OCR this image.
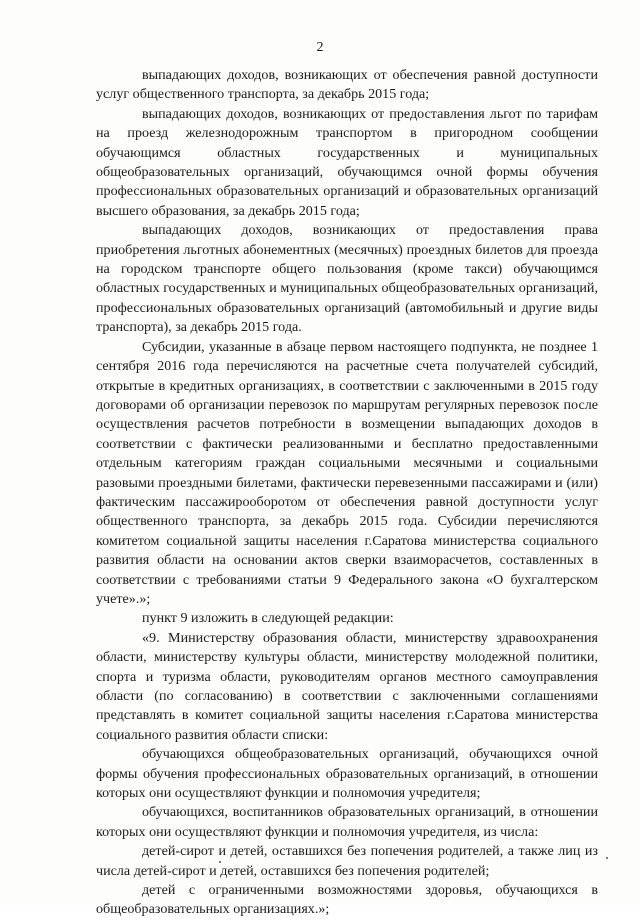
2

выпадающих доходов, возникающих от обеспечения равной доступности услуг общественного транспорта, за декабрь 2015 года;

выпадающих доходов, возникающих от предоставления льгот по тарифам на проезд железнодорожным транспортом в пригородном сообщении обучающимся областных государственных и муниципальных общеобразовательных организаций, обучающимся очной формы обучения профессиональных образовательных организаций и образовательных организаций высшего образования, за декабрь 2015 года;

выпадающих доходов, возникающих от предоставления права приобретения льготных абонементных (месячных) проездных билетов для проезда на городском транспорте общего пользования (кроме такси) обучающимся областных государственных и муниципальных общеобразовательных организаций, профессиональных образовательных организаций (автомобильный и другие виды транспорта), за декабрь 2015 года.

Субсидии, указанные в абзаце первом настоящего подпункта, не позднее 1 сентября 2016 года перечисляются на расчетные счета получателей субсидий, открытые в кредитных организациях, в соответствии с заключенными в 2015 году договорами об организации перевозок по маршрутам регулярных перевозок после осуществления расчетов потребности в возмещении выпадающих доходов в соответствии с фактически реализованными и бесплатно предоставленными отдельным категориям граждан социальными месячными и социальными разовыми проездными билетами, фактически перевезенными пассажирами и (или) фактическим пассажирооборотом от обеспечения равной доступности услуг общественного транспорта, за декабрь 2015 года. Субсидии перечисляются комитетом социальной защиты населения г.Саратова министерства социального развития области на основании актов сверки взаиморасчетов, составленных в соответствии с требованиями статьи 9 Федерального закона «О бухгалтерском учете».»;

пункт 9 изложить в следующей редакции:

«9. Министерству образования области, министерству здравоохранения области, министерству культуры области, министерству молодежной политики, спорта и туризма области, руководителям органов местного самоуправления области (по согласованию) в соответствии с заключенными соглашениями представлять в комитет социальной защиты населения г.Саратова министерства социального развития области списки:

обучающихся общеобразовательных организаций, обучающихся очной формы обучения профессиональных образовательных организаций, в отношении которых они осуществляют функции и полномочия учредителя;

обучающихся, воспитанников образовательных организаций, в отношении которых они осуществляют функции и полномочия учредителя, из числа:

детей-сирот и детей, оставшихся без попечения родителей, а также лиц из числа детей-сирот и детей, оставшихся без попечения родителей;

детей с ограниченными возможностями здоровья, обучающихся в общеобразовательных организациях.»;
